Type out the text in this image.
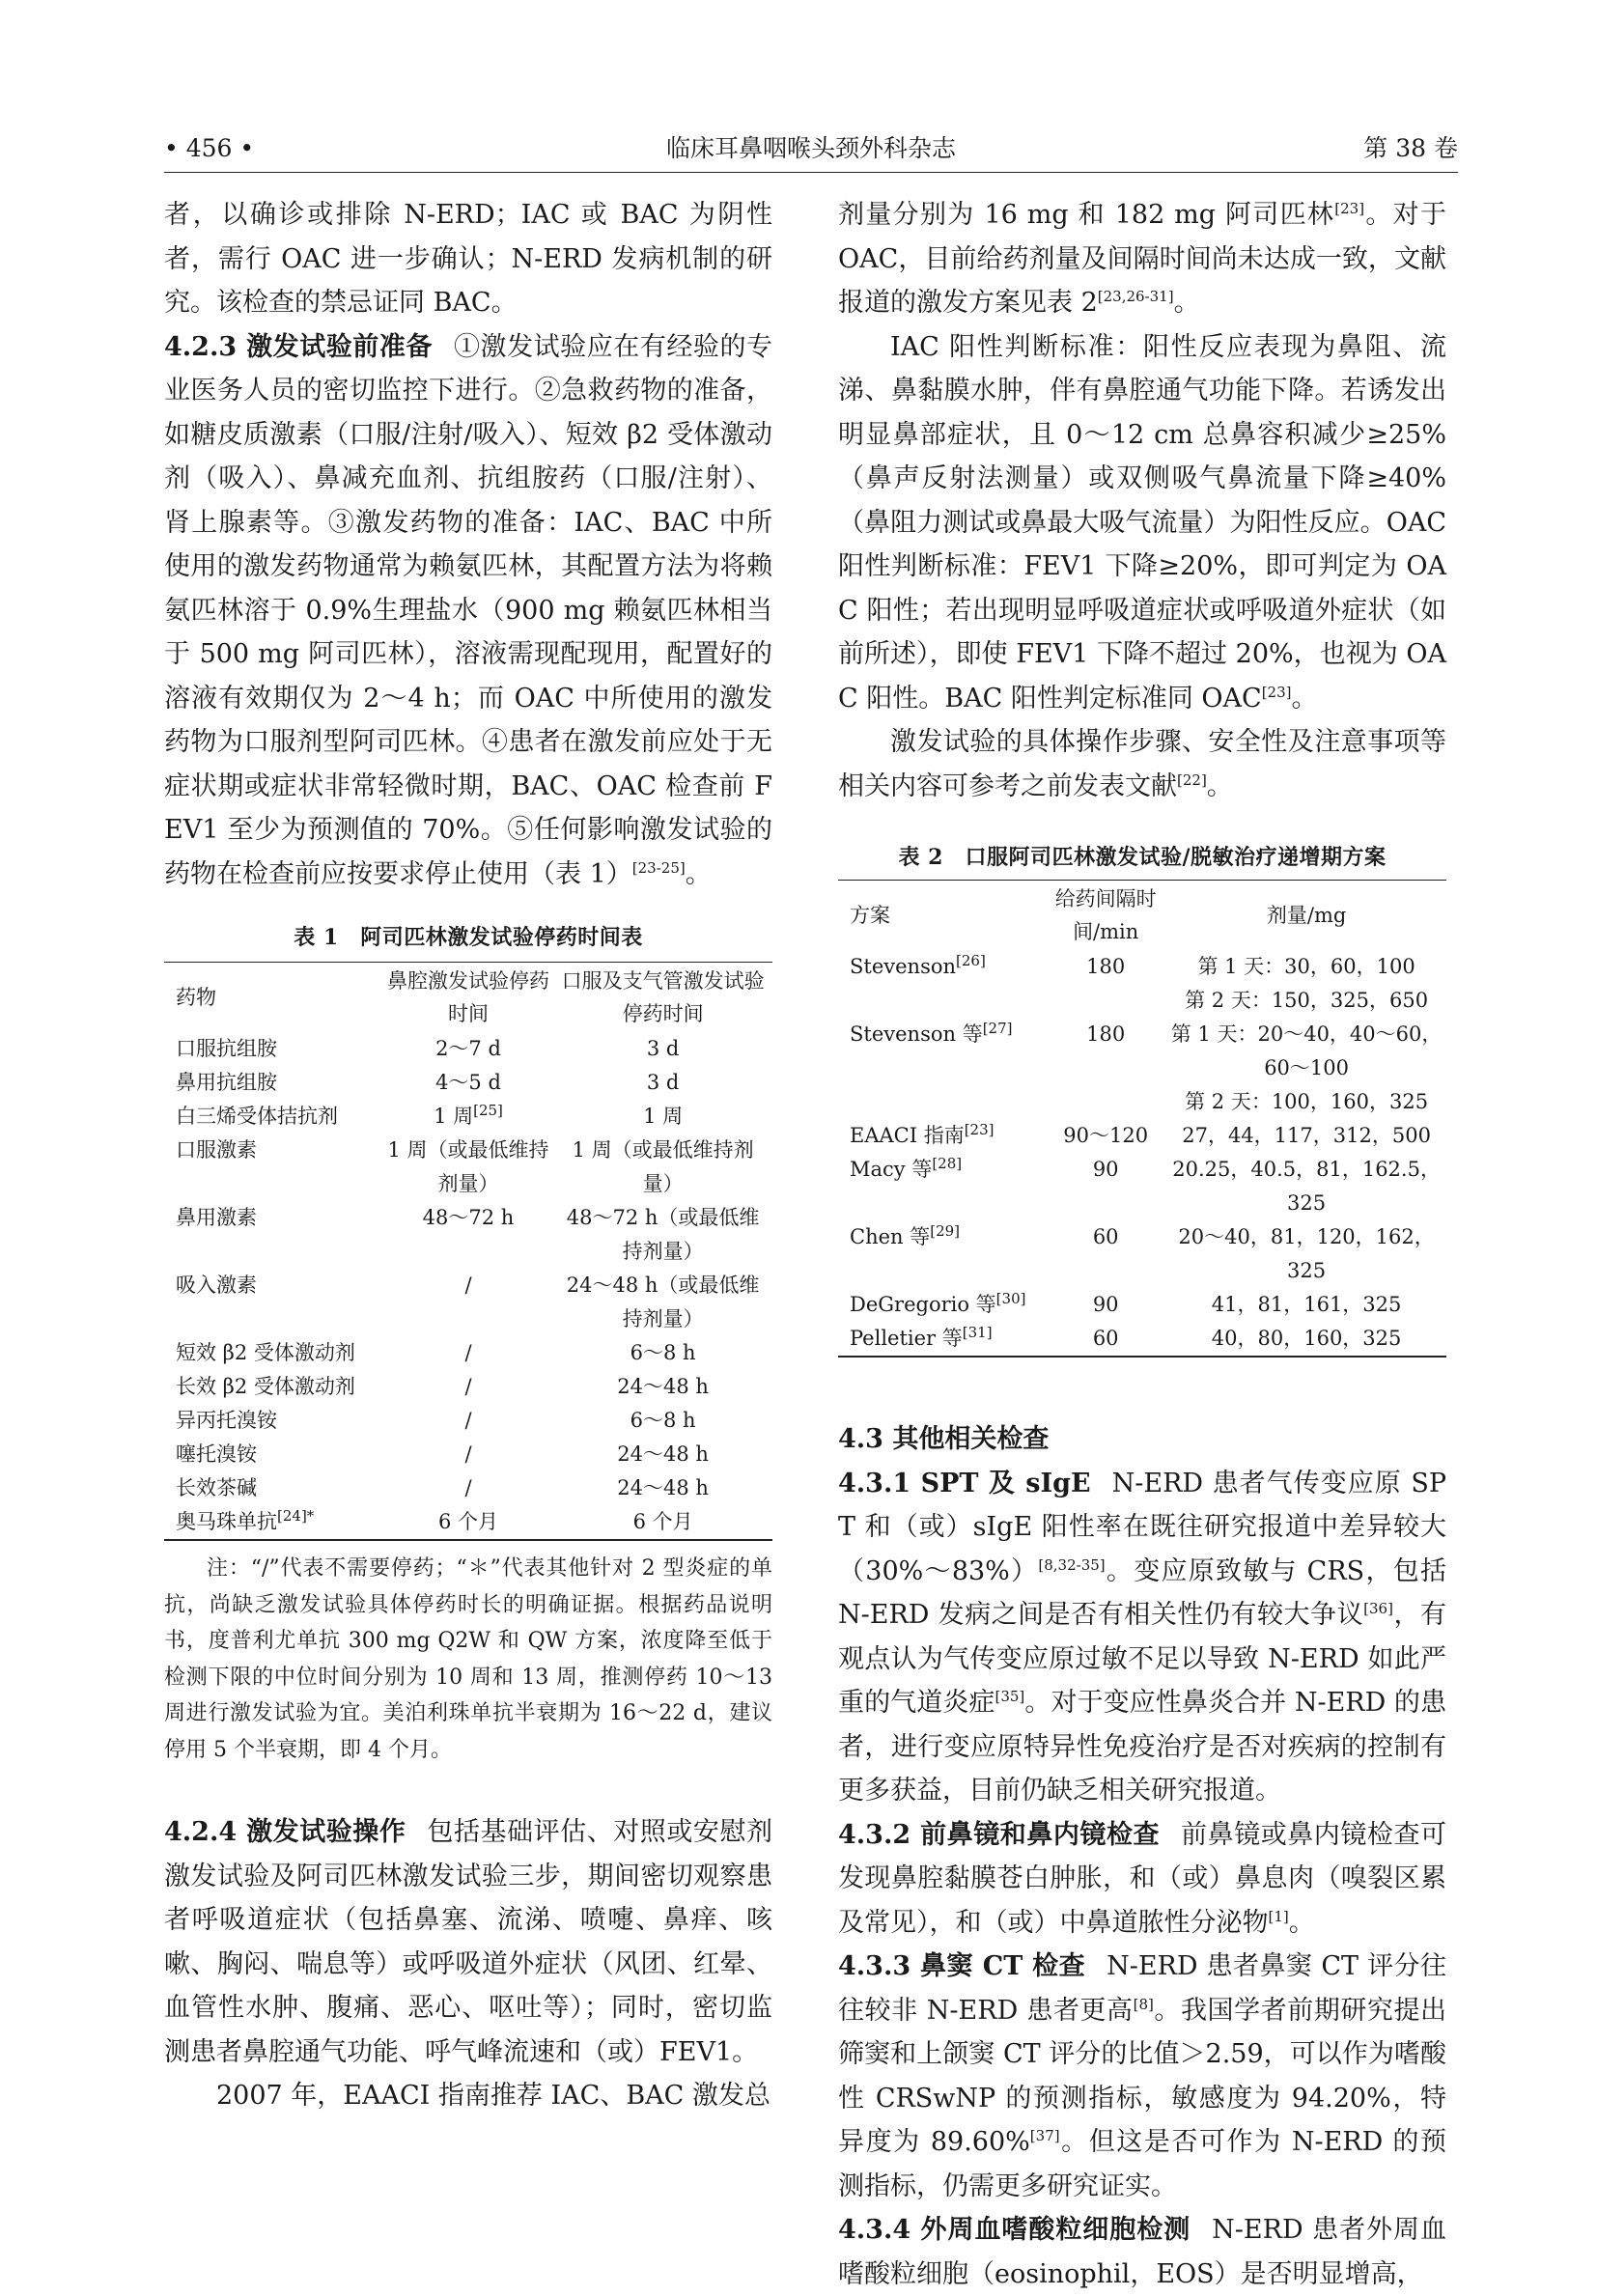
临床耳鼻咽喉头颈外科杂志
• 456 •	第 38 卷

者，以确诊或排除 N-ERD；IAC 或 BAC 为阴性者，需行 OAC 进一步确认；N-ERD 发病机制的研究。该检查的禁忌证同 BAC。

4.2.3 激发试验前准备 ①激发试验应在有经验的专业医务人员的密切监控下进行。②急救药物的准备，如糖皮质激素（口服/注射/吸入）、短效 β2 受体激动剂（吸入）、鼻减充血剂、抗组胺药（口服/注射）、肾上腺素等。③激发药物的准备：IAC、BAC 中所使用的激发药物通常为赖氨匹林，其配置方法为将赖氨匹林溶于 0.9%生理盐水（900 mg 赖氨匹林相当于 500 mg 阿司匹林），溶液需现配现用，配置好的溶液有效期仅为 2～4 h；而 OAC 中所使用的激发药物为口服剂型阿司匹林。④患者在激发前应处于无症状期或症状非常轻微时期，BAC、OAC 检查前 FEV1 至少为预测值的 70%。⑤任何影响激发试验的药物在检查前应按要求停止使用（表 1）[23-25]。

表 1　阿司匹林激发试验停药时间表

药物	鼻腔激发试验停药时间	口服及支气管激发试验停药时间
口服抗组胺	2～7 d	3 d
鼻用抗组胺	4～5 d	3 d
白三烯受体拮抗剂	1 周[25]	1 周
口服激素	1 周（或最低维持剂量）	1 周（或最低维持剂量）
鼻用激素	48～72 h	48～72 h（或最低维持剂量）
吸入激素	/	24～48 h（或最低维持剂量）
短效 β2 受体激动剂	/	6～8 h
长效 β2 受体激动剂	/	24～48 h
异丙托溴铵	/	6～8 h
噻托溴铵	/	24～48 h
长效茶碱	/	24～48 h
奥马珠单抗$^{[24]*}$	6 个月	6 个月

注：“/”代表不需要停药；“＊”代表其他针对 2 型炎症的单抗，尚缺乏激发试验具体停药时长的明确证据。根据药品说明书，度普利尤单抗 300 mg Q2W 和 QW 方案，浓度降至低于检测下限的中位时间分别为 10 周和 13 周，推测停药 10～13 周进行激发试验为宜。美泊利珠单抗半衰期为 16～22 d，建议停用 5 个半衰期，即 4 个月。

4.2.4 激发试验操作 包括基础评估、对照或安慰剂激发试验及阿司匹林激发试验三步，期间密切观察患者呼吸道症状（包括鼻塞、流涕、喷嚏、鼻痒、咳嗽、胸闷、喘息等）或呼吸道外症状（风团、红晕、血管性水肿、腹痛、恶心、呕吐等）；同时，密切监测患者鼻腔通气功能、呼气峰流速和（或）FEV1。

2007 年，EAACI 指南推荐 IAC、BAC 激发总

剂量分别为 16 mg 和 182 mg 阿司匹林[23]。对于 OAC，目前给药剂量及间隔时间尚未达成一致，文献报道的激发方案见表 2[23,26-31]。

IAC 阳性判断标准：阳性反应表现为鼻阻、流涕、鼻黏膜水肿，伴有鼻腔通气功能下降。若诱发出明显鼻部症状，且 0～12 cm 总鼻容积减少≥25%（鼻声反射法测量）或双侧吸气鼻流量下降≥40%（鼻阻力测试或鼻最大吸气流量）为阳性反应。OAC 阳性判断标准：FEV1 下降≥20%，即可判定为 OAC 阳性；若出现明显呼吸道症状或呼吸道外症状（如前所述），即使 FEV1 下降不超过 20%，也视为 OAC 阳性。BAC 阳性判定标准同 OAC[23]。

激发试验的具体操作步骤、安全性及注意事项等相关内容可参考之前发表文献[22]。

表 2　口服阿司匹林激发试验/脱敏治疗递增期方案

方案	给药间隔时间/min	剂量/mg
Stevenson[26]	180	第 1 天：30，60，100
第 2 天：150，325，650

Stevenson 等[27]	180	第 1 天：20～40，40～60，60～100
第 2 天：100，160，325

EAACI 指南[23]	90～120	27，44，117，312，500

Macy 等[28]	90	20.25，40.5，81，162.5，325

Chen 等[29]	60	20～40，81，120，162，325

DeGregorio 等[30]	90	41，81，161，325

Pelletier 等[31]	60	40，80，160，325

4.3 其他相关检查

4.3.1 SPT 及 sIgE N-ERD 患者气传变应原 SPT 和（或）sIgE 阳性率在既往研究报道中差异较大（30%～83%）[8,32-35]。变应原致敏与 CRS，包括 N-ERD 发病之间是否有相关性仍有较大争议[36]，有观点认为气传变应原过敏不足以导致 N-ERD 如此严重的气道炎症[35]。对于变应性鼻炎合并 N-ERD 的患者，进行变应原特异性免疫治疗是否对疾病的控制有更多获益，目前仍缺乏相关研究报道。

4.3.2 前鼻镜和鼻内镜检查 前鼻镜或鼻内镜检查可发现鼻腔黏膜苍白肿胀，和（或）鼻息肉（嗅裂区累及常见），和（或）中鼻道脓性分泌物[1]。

4.3.3 鼻窦 CT 检查 N-ERD 患者鼻窦 CT 评分往往较非 N-ERD 患者更高[8]。我国学者前期研究提出筛窦和上颌窦 CT 评分的比值＞2.59，可以作为嗜酸性 CRSwNP 的预测指标，敏感度为 94.20%，特异度为 89.60%[37]。但这是否可作为 N-ERD 的预测指标，仍需更多研究证实。

4.3.4 外周血嗜酸粒细胞检测 N-ERD 患者外周血嗜酸粒细胞（eosinophil，EOS）是否明显增高，
